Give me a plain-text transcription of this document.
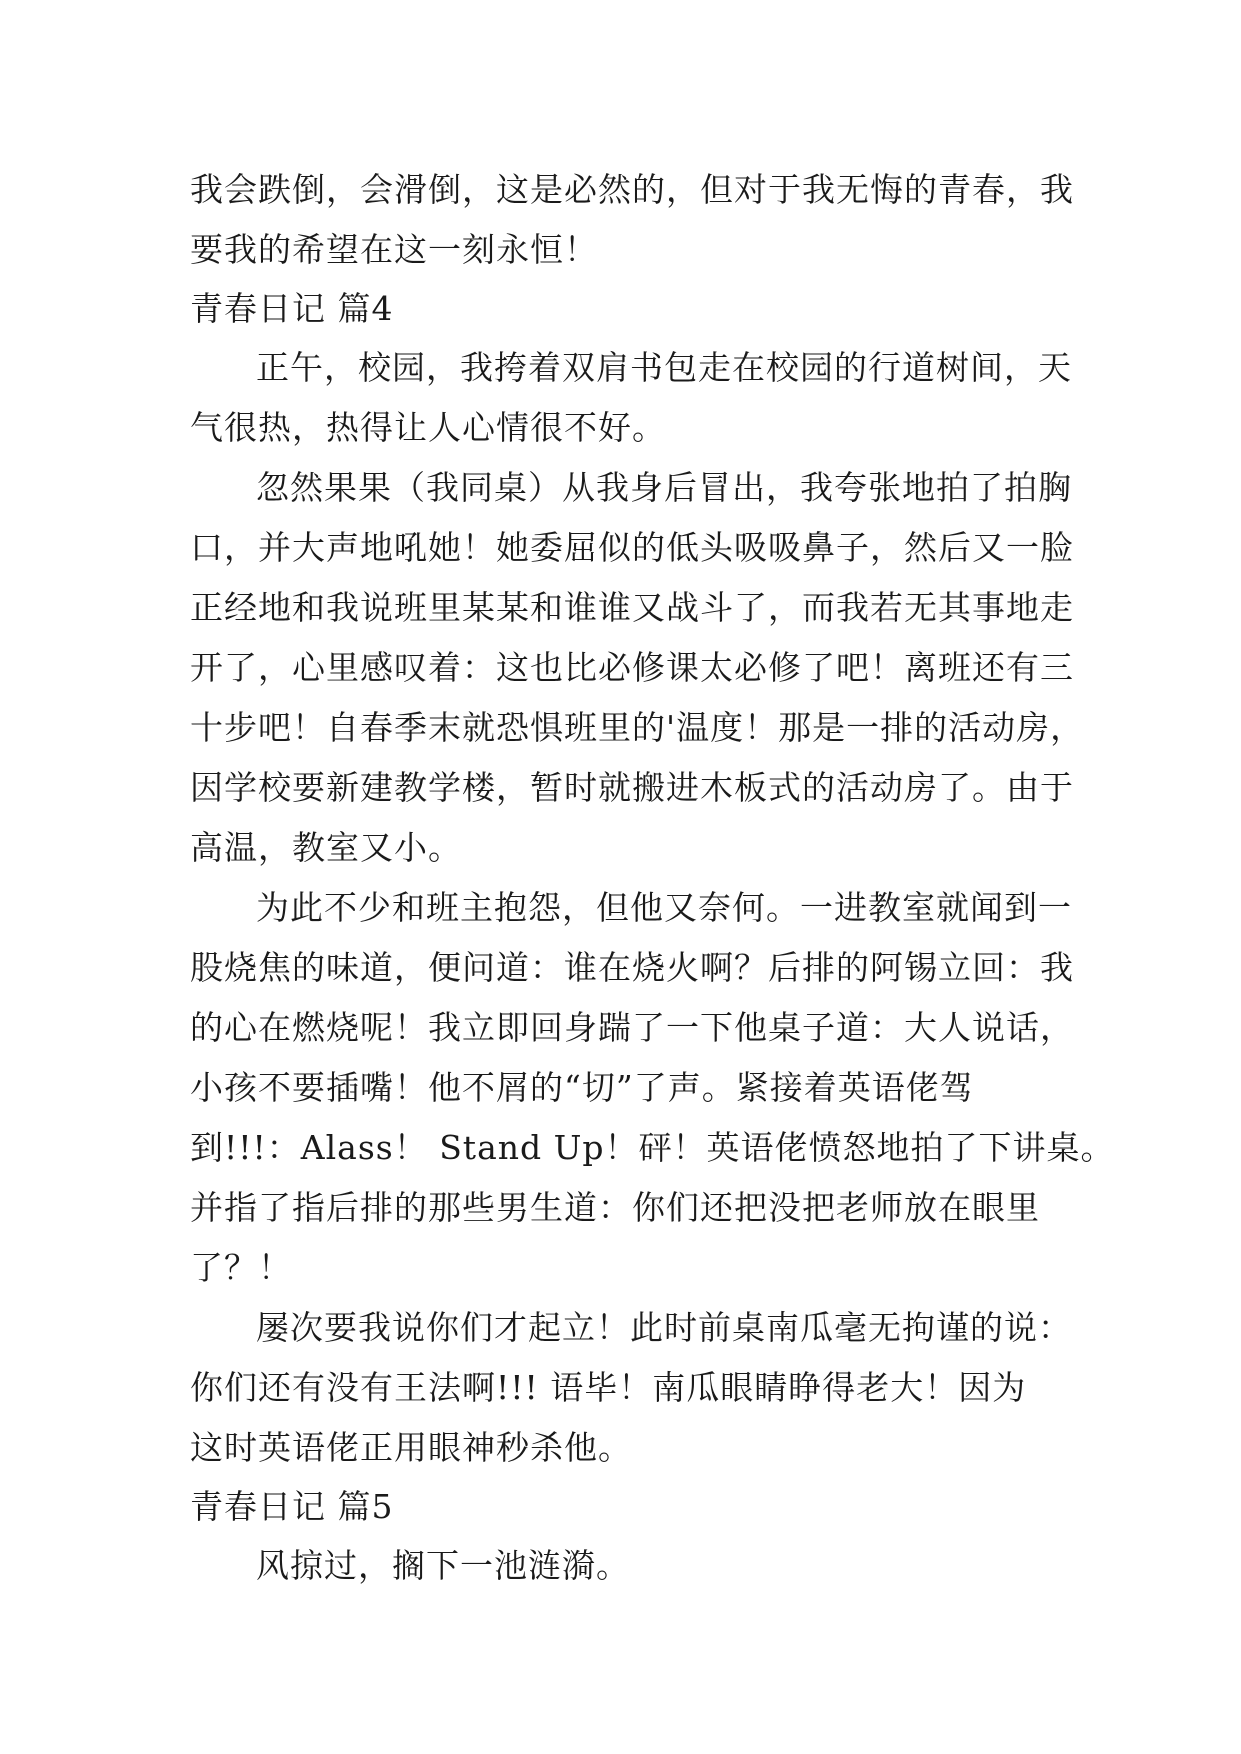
我会跌倒，会滑倒，这是必然的，但对于我无悔的青春，我
要我的希望在这一刻永恒！
青春日记 篇4
正午，校园，我挎着双肩书包走在校园的行道树间，天
气很热，热得让人心情很不好。
忽然果果（我同桌）从我身后冒出，我夸张地拍了拍胸
口，并大声地吼她！她委屈似的低头吸吸鼻子，然后又一脸
正经地和我说班里某某和谁谁又战斗了，而我若无其事地走
开了，心里感叹着：这也比必修课太必修了吧！离班还有三
十步吧！自春季末就恐惧班里的'温度！那是一排的活动房，
因学校要新建教学楼，暂时就搬进木板式的活动房了。由于
高温，教室又小。
为此不少和班主抱怨，但他又奈何。一进教室就闻到一
股烧焦的味道，便问道：谁在烧火啊？后排的阿锡立回：我
的心在燃烧呢！我立即回身踹了一下他桌子道：大人说话，
小孩不要插嘴！他不屑的“切”了声。紧接着英语佬驾
到!!!：Alass！ Stand Up！砰！英语佬愤怒地拍了下讲桌。
并指了指后排的那些男生道：你们还把没把老师放在眼里
了？！
屡次要我说你们才起立！此时前桌南瓜毫无拘谨的说：
你们还有没有王法啊!!! 语毕！南瓜眼睛睁得老大！因为
这时英语佬正用眼神秒杀他。
青春日记 篇5
风掠过，搁下一池涟漪。
